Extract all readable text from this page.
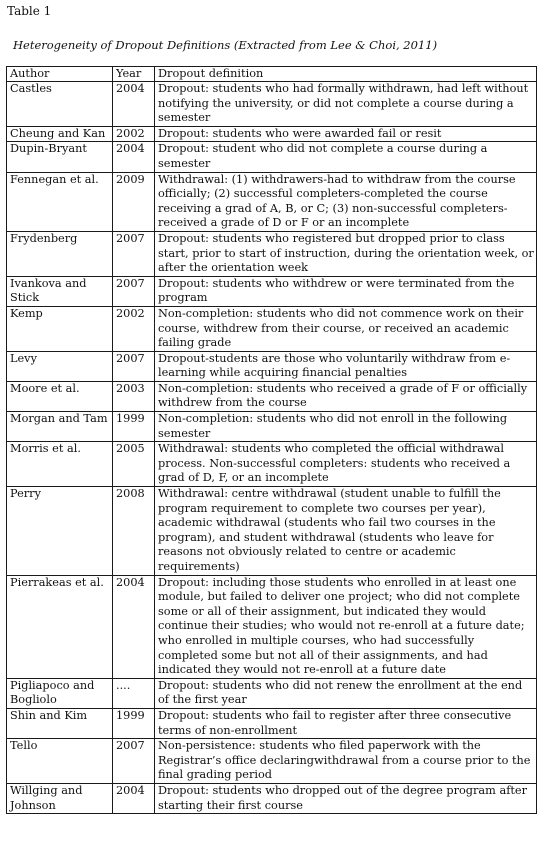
Table 1
Heterogeneity of Dropout Definitions (Extracted from Lee & Choi, 2011)
Author	Year	Dropout definition
Castles	2004	Dropout: students who had formally withdrawn, had left without notifying the university, or did not complete a course during a semester
Cheung and Kan	2002	Dropout: students who were awarded fail or resit
Dupin-Bryant	2004	Dropout: student who did not complete a course during a semester
Fennegan et al.	2009	Withdrawal: (1) withdrawers-had to withdraw from the course officially; (2) successful completers-completed the course receiving a grad of A, B, or C; (3) non-successful completers-received a grade of D or F or an incomplete
Frydenberg	2007	Dropout: students who registered but dropped prior to class start, prior to start of instruction, during the orientation week, or after the orientation week
Ivankova and Stick	2007	Dropout: students who withdrew or were terminated from the program
Kemp	2002	Non-completion: students who did not commence work on their course, withdrew from their course, or received an academic failing grade
Levy	2007	Dropout-students are those who voluntarily withdraw from e-learning while acquiring financial penalties
Moore et al.	2003	Non-completion: students who received a grade of F or officially withdrew from the course
Morgan and Tam	1999	Non-completion: students who did not enroll in the following semester
Morris et al.	2005	Withdrawal: students who completed the official withdrawal process. Non-successful completers: students who received a grad of D, F, or an incomplete
Perry	2008	Withdrawal: centre withdrawal (student unable to fulfill the program requirement to complete two courses per year), academic withdrawal (students who fail two courses in the program), and student withdrawal (students who leave for reasons not obviously related to centre or academic requirements)
Pierrakeas et al.	2004	Dropout: including those students who enrolled in at least one module, but failed to deliver one project; who did not complete some or all of their assignment, but indicated they would continue their studies; who would not re-enroll at a future date; who enrolled in multiple courses, who had successfully completed some but not all of their assignments, and had indicated they would not re-enroll at a future date
Pigliapoco and Bogliolo	....	Dropout: students who did not renew the enrollment at the end of the first year
Shin and Kim	1999	Dropout: students who fail to register after three consecutive terms of non-enrollment
Tello	2007	Non-persistence: students who filed paperwork with the Registrar’s office declaringwithdrawal from a course prior to the final grading period
Willging and Johnson	2004	Dropout: students who dropped out of the degree program after starting their first course
